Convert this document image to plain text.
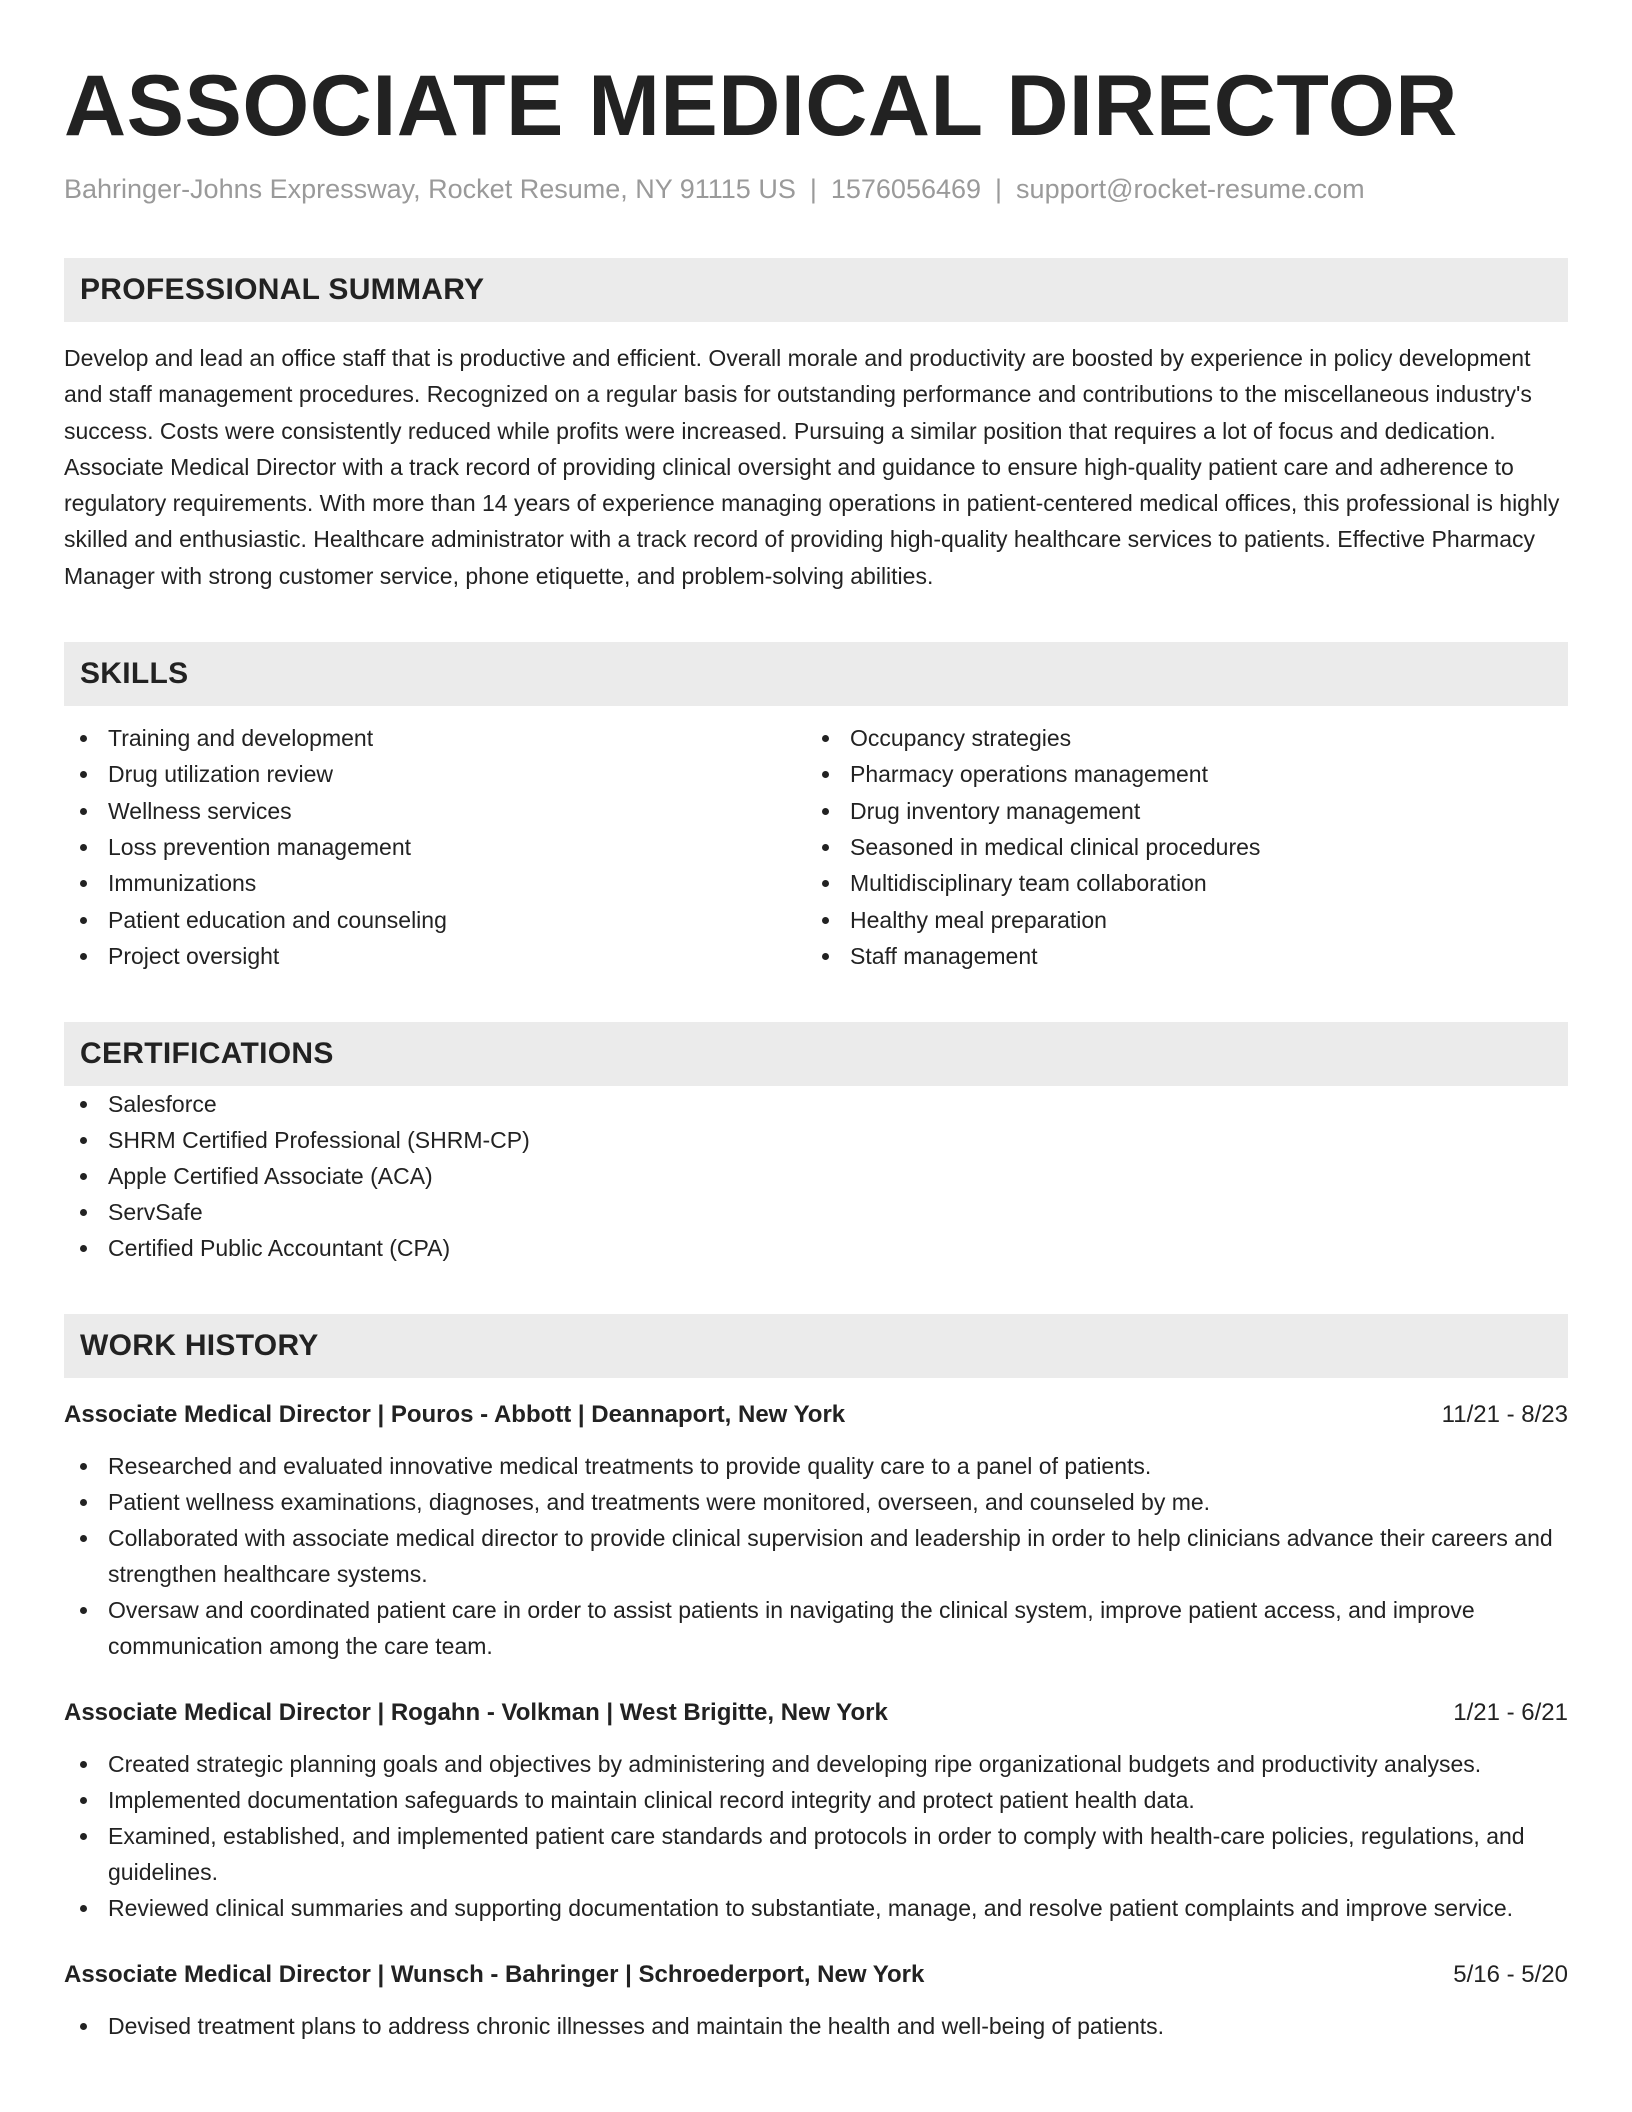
ASSOCIATE MEDICAL DIRECTOR
Bahringer-Johns Expressway, Rocket Resume, NY 91115 US | 1576056469 | support@rocket-resume.com
PROFESSIONAL SUMMARY
Develop and lead an office staff that is productive and efficient. Overall morale and productivity are boosted by experience in policy development and staff management procedures. Recognized on a regular basis for outstanding performance and contributions to the miscellaneous industry's success. Costs were consistently reduced while profits were increased. Pursuing a similar position that requires a lot of focus and dedication. Associate Medical Director with a track record of providing clinical oversight and guidance to ensure high-quality patient care and adherence to regulatory requirements. With more than 14 years of experience managing operations in patient-centered medical offices, this professional is highly skilled and enthusiastic. Healthcare administrator with a track record of providing high-quality healthcare services to patients. Effective Pharmacy Manager with strong customer service, phone etiquette, and problem-solving abilities.
SKILLS
Training and development
Drug utilization review
Wellness services
Loss prevention management
Immunizations
Patient education and counseling
Project oversight
Occupancy strategies
Pharmacy operations management
Drug inventory management
Seasoned in medical clinical procedures
Multidisciplinary team collaboration
Healthy meal preparation
Staff management
CERTIFICATIONS
Salesforce
SHRM Certified Professional (SHRM-CP)
Apple Certified Associate (ACA)
ServSafe
Certified Public Accountant (CPA)
WORK HISTORY
Associate Medical Director | Pouros - Abbott | Deannaport, New York	11/21 - 8/23
Researched and evaluated innovative medical treatments to provide quality care to a panel of patients.
Patient wellness examinations, diagnoses, and treatments were monitored, overseen, and counseled by me.
Collaborated with associate medical director to provide clinical supervision and leadership in order to help clinicians advance their careers and strengthen healthcare systems.
Oversaw and coordinated patient care in order to assist patients in navigating the clinical system, improve patient access, and improve communication among the care team.
Associate Medical Director | Rogahn - Volkman | West Brigitte, New York	1/21 - 6/21
Created strategic planning goals and objectives by administering and developing ripe organizational budgets and productivity analyses.
Implemented documentation safeguards to maintain clinical record integrity and protect patient health data.
Examined, established, and implemented patient care standards and protocols in order to comply with health-care policies, regulations, and guidelines.
Reviewed clinical summaries and supporting documentation to substantiate, manage, and resolve patient complaints and improve service.
Associate Medical Director | Wunsch - Bahringer | Schroederport, New York	5/16 - 5/20
Devised treatment plans to address chronic illnesses and maintain the health and well-being of patients.
